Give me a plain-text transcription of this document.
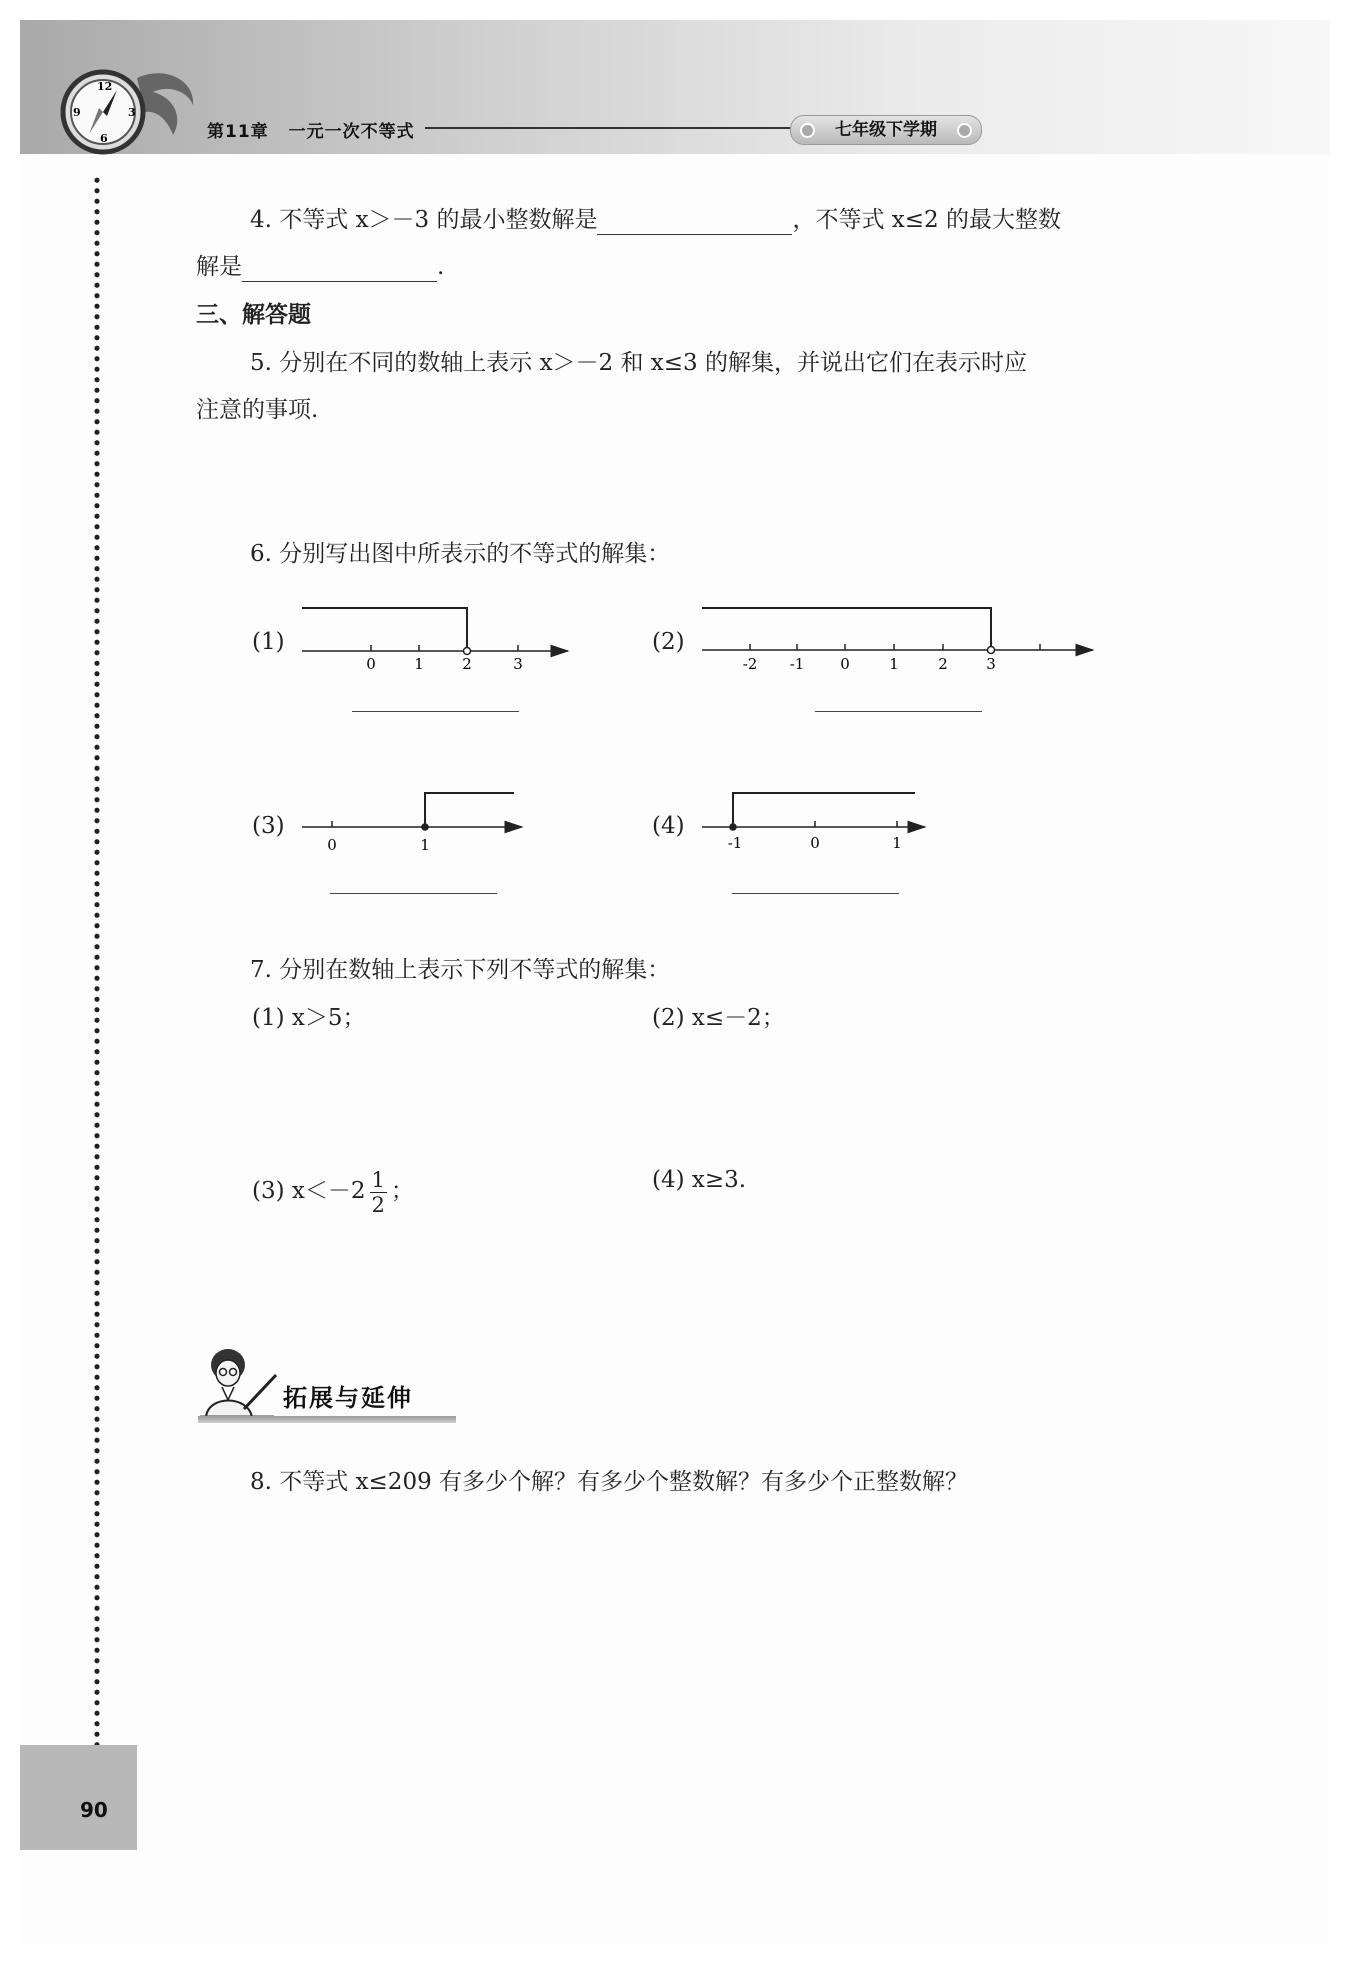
12
3
6
9
第11章 一元一次不等式	七年级下学期
4. 不等式 x＞－3 的最小整数解是	，不等式 x≤2 的最大整数
解是	.
三、解答题
5. 分别在不同的数轴上表示 x＞－2 和 x≤3 的解集，并说出它们在表示时应
注意的事项.
6. 分别写出图中所表示的不等式的解集：
(1)	(2)
(3)	(4)
0	1	2	3	-2 -1 0	1	2	3
0	1	-1	0	1
7. 分别在数轴上表示下列不等式的解集：
(1) x＞5；	(2) x≤－2；
(3) $x<-2 \frac{1}{2}$ ；	(4) x≥3.
拓展与延伸
8. 不等式 x≤209 有多少个解？有多少个整数解？有多少个正整数解？
90
